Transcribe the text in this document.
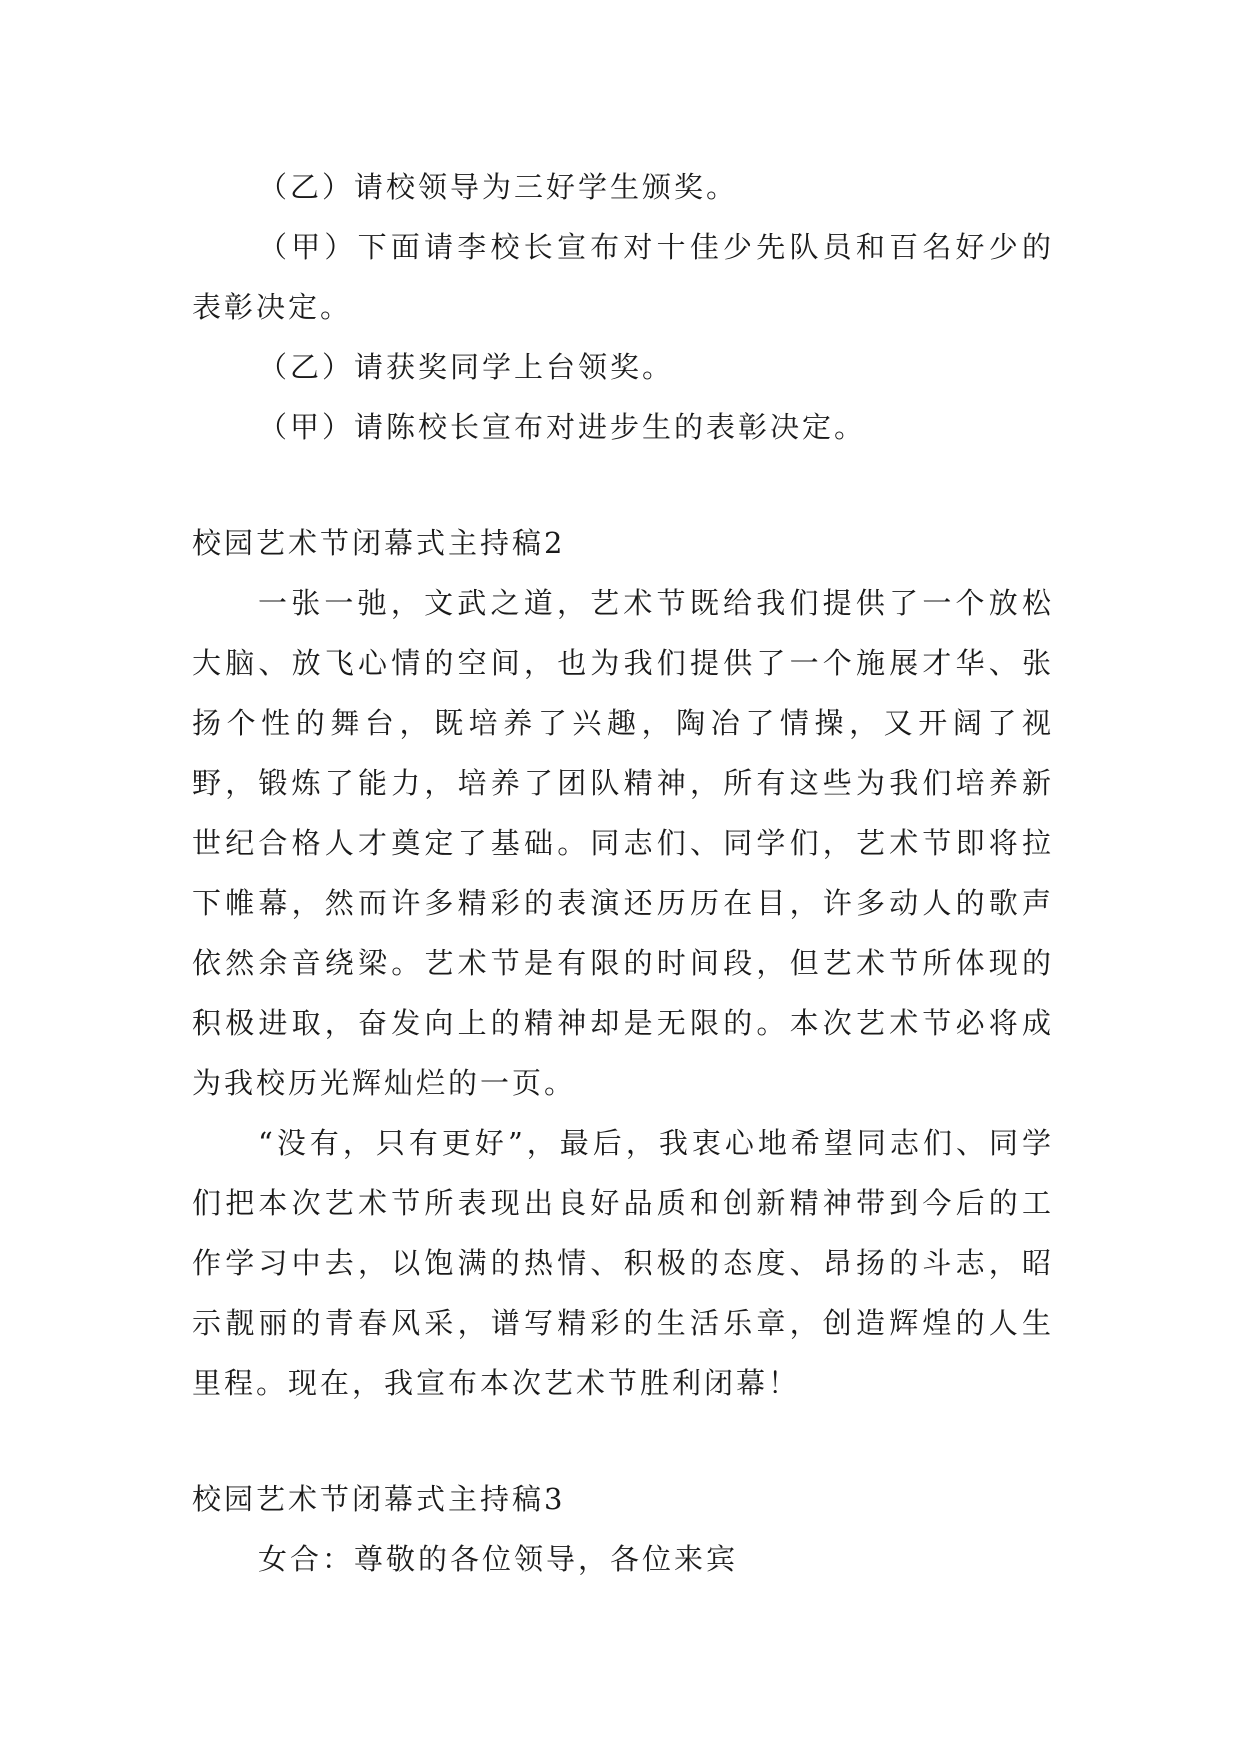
（乙）请校领导为三好学生颁奖。

（甲）下面请李校长宣布对十佳少先队员和百名好少的表彰决定。

（乙）请获奖同学上台领奖。

（甲）请陈校长宣布对进步生的表彰决定。

校园艺术节闭幕式主持稿2

一张一弛，文武之道，艺术节既给我们提供了一个放松大脑、放飞心情的空间，也为我们提供了一个施展才华、张扬个性的舞台，既培养了兴趣，陶冶了情操，又开阔了视野，锻炼了能力，培养了团队精神，所有这些为我们培养新世纪合格人才奠定了基础。同志们、同学们，艺术节即将拉下帷幕，然而许多精彩的表演还历历在目，许多动人的歌声依然余音绕梁。艺术节是有限的时间段，但艺术节所体现的积极进取，奋发向上的精神却是无限的。本次艺术节必将成为我校历光辉灿烂的一页。

“没有，只有更好”，最后，我衷心地希望同志们、同学们把本次艺术节所表现出良好品质和创新精神带到今后的工作学习中去，以饱满的热情、积极的态度、昂扬的斗志，昭示靓丽的青春风采，谱写精彩的生活乐章，创造辉煌的人生里程。现在，我宣布本次艺术节胜利闭幕！

校园艺术节闭幕式主持稿3

女合：尊敬的各位领导，各位来宾
